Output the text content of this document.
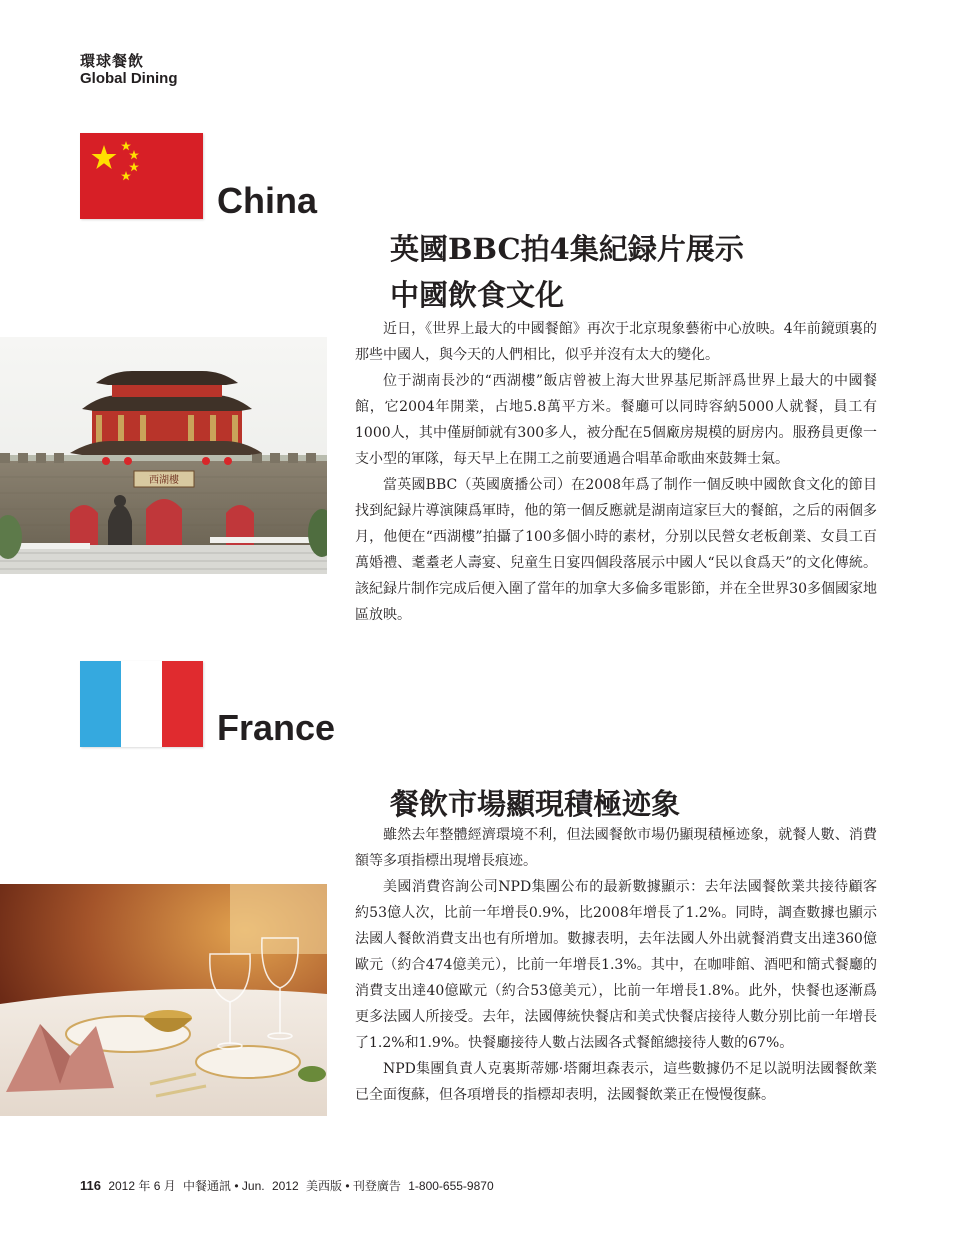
環球餐飲
Global Dining
China
英國BBC拍4集紀録片展示
中國飲食文化
西湖樓

近日，《世界上最大的中國餐館》再次于北京現象藝術中心放映。4年前鏡頭裏的那些中國人，與今天的人們相比，似乎并沒有太大的變化。

位于湖南長沙的“西湖樓”飯店曾被上海大世界基尼斯評爲世界上最大的中國餐館，它2004年開業，占地5.8萬平方米。餐廳可以同時容納5000人就餐，員工有1000人，其中僅厨師就有300多人，被分配在5個廠房規模的厨房内。服務員更像一支小型的軍隊，每天早上在開工之前要通過合唱革命歌曲來鼓舞士氣。

當英國BBC（英國廣播公司）在2008年爲了制作一個反映中國飲食文化的節目找到紀録片導演陳爲軍時，他的第一個反應就是湖南這家巨大的餐館，之后的兩個多月，他便在“西湖樓”拍攝了100多個小時的素材，分别以民營女老板創業、女員工百萬婚禮、耄耋老人壽宴、兒童生日宴四個段落展示中國人“民以食爲天”的文化傳統。該紀録片制作完成后便入圍了當年的加拿大多倫多電影節，并在全世界30多個國家地區放映。

France
餐飲市場顯現積極迹象

雖然去年整體經濟環境不利，但法國餐飲市場仍顯現積極迹象，就餐人數、消費額等多項指標出現增長痕迹。

美國消費咨詢公司NPD集團公布的最新數據顯示：去年法國餐飲業共接待顧客約53億人次，比前一年增長0.9%，比2008年增長了1.2%。同時，調查數據也顯示法國人餐飲消費支出也有所增加。數據表明，去年法國人外出就餐消費支出達360億歐元（約合474億美元），比前一年增長1.3%。其中，在咖啡館、酒吧和簡式餐廳的消費支出達40億歐元（約合53億美元），比前一年增長1.8%。此外，快餐也逐漸爲更多法國人所接受。去年，法國傳統快餐店和美式快餐店接待人數分别比前一年增長了1.2%和1.9%。快餐廳接待人數占法國各式餐館總接待人數的67%。

NPD集團負責人克裏斯蒂娜·塔爾坦森表示，這些數據仍不足以説明法國餐飲業已全面復蘇，但各項增長的指標却表明，法國餐飲業正在慢慢復蘇。

116 2012 年 6 月 中餐通訊 • Jun. 2012 美西版 • 刊登廣告 1-800-655-9870
